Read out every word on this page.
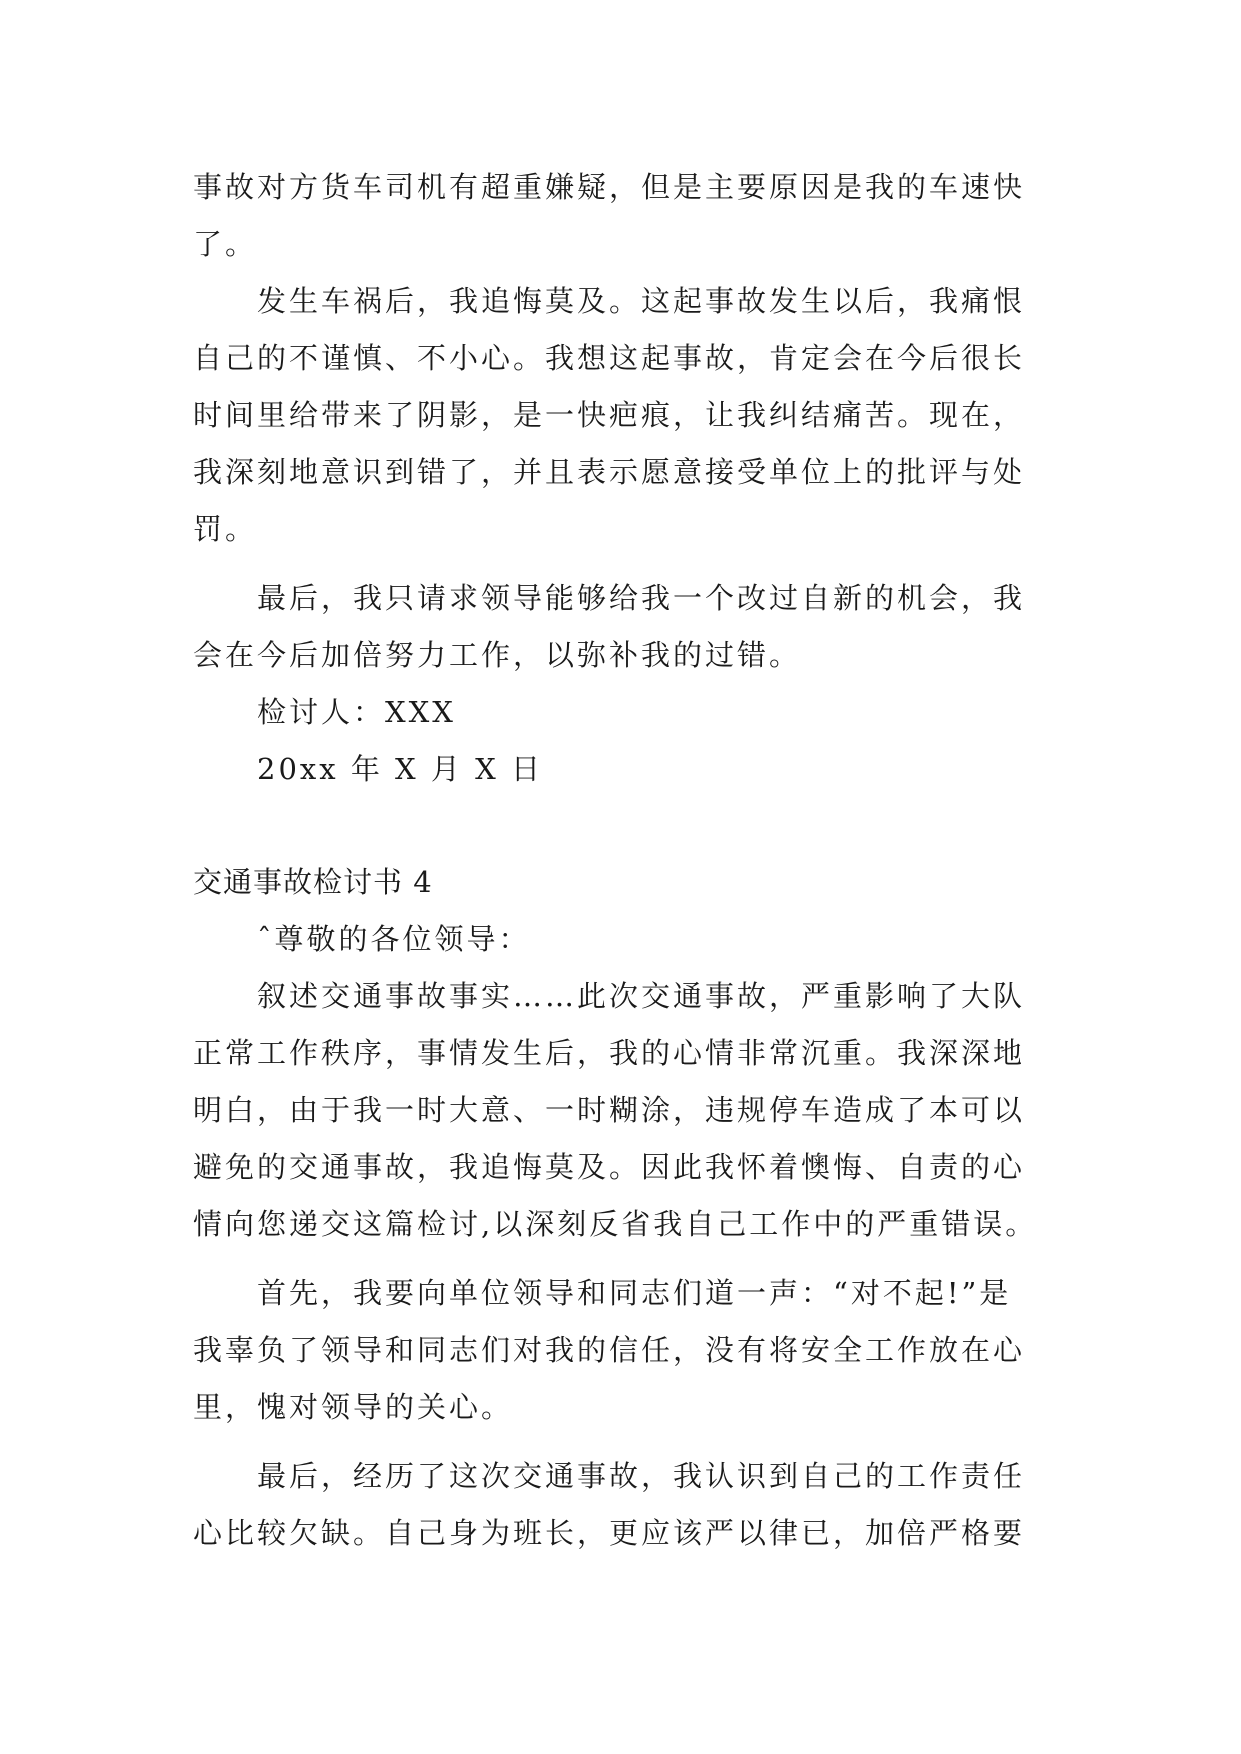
事故对方货车司机有超重嫌疑，但是主要原因是我的车速快

了。

发生车祸后，我追悔莫及。这起事故发生以后，我痛恨

自己的不谨慎、不小心。我想这起事故，肯定会在今后很长

时间里给带来了阴影，是一快疤痕，让我纠结痛苦。现在，

我深刻地意识到错了，并且表示愿意接受单位上的批评与处

罚。

最后，我只请求领导能够给我一个改过自新的机会，我

会在今后加倍努力工作，以弥补我的过错。

检讨人：XXX

20xx 年 X 月 X 日

交通事故检讨书 4

ˆ尊敬的各位领导：

叙述交通事故事实……此次交通事故，严重影响了大队

正常工作秩序，事情发生后，我的心情非常沉重。我深深地

明白，由于我一时大意、一时糊涂，违规停车造成了本可以

避免的交通事故，我追悔莫及。因此我怀着懊悔、自责的心

情向您递交这篇检讨,以深刻反省我自己工作中的严重错误。

首先，我要向单位领导和同志们道一声：“对不起!”是

我辜负了领导和同志们对我的信任，没有将安全工作放在心

里，愧对领导的关心。

最后，经历了这次交通事故，我认识到自己的工作责任

心比较欠缺。自己身为班长，更应该严以律已，加倍严格要
